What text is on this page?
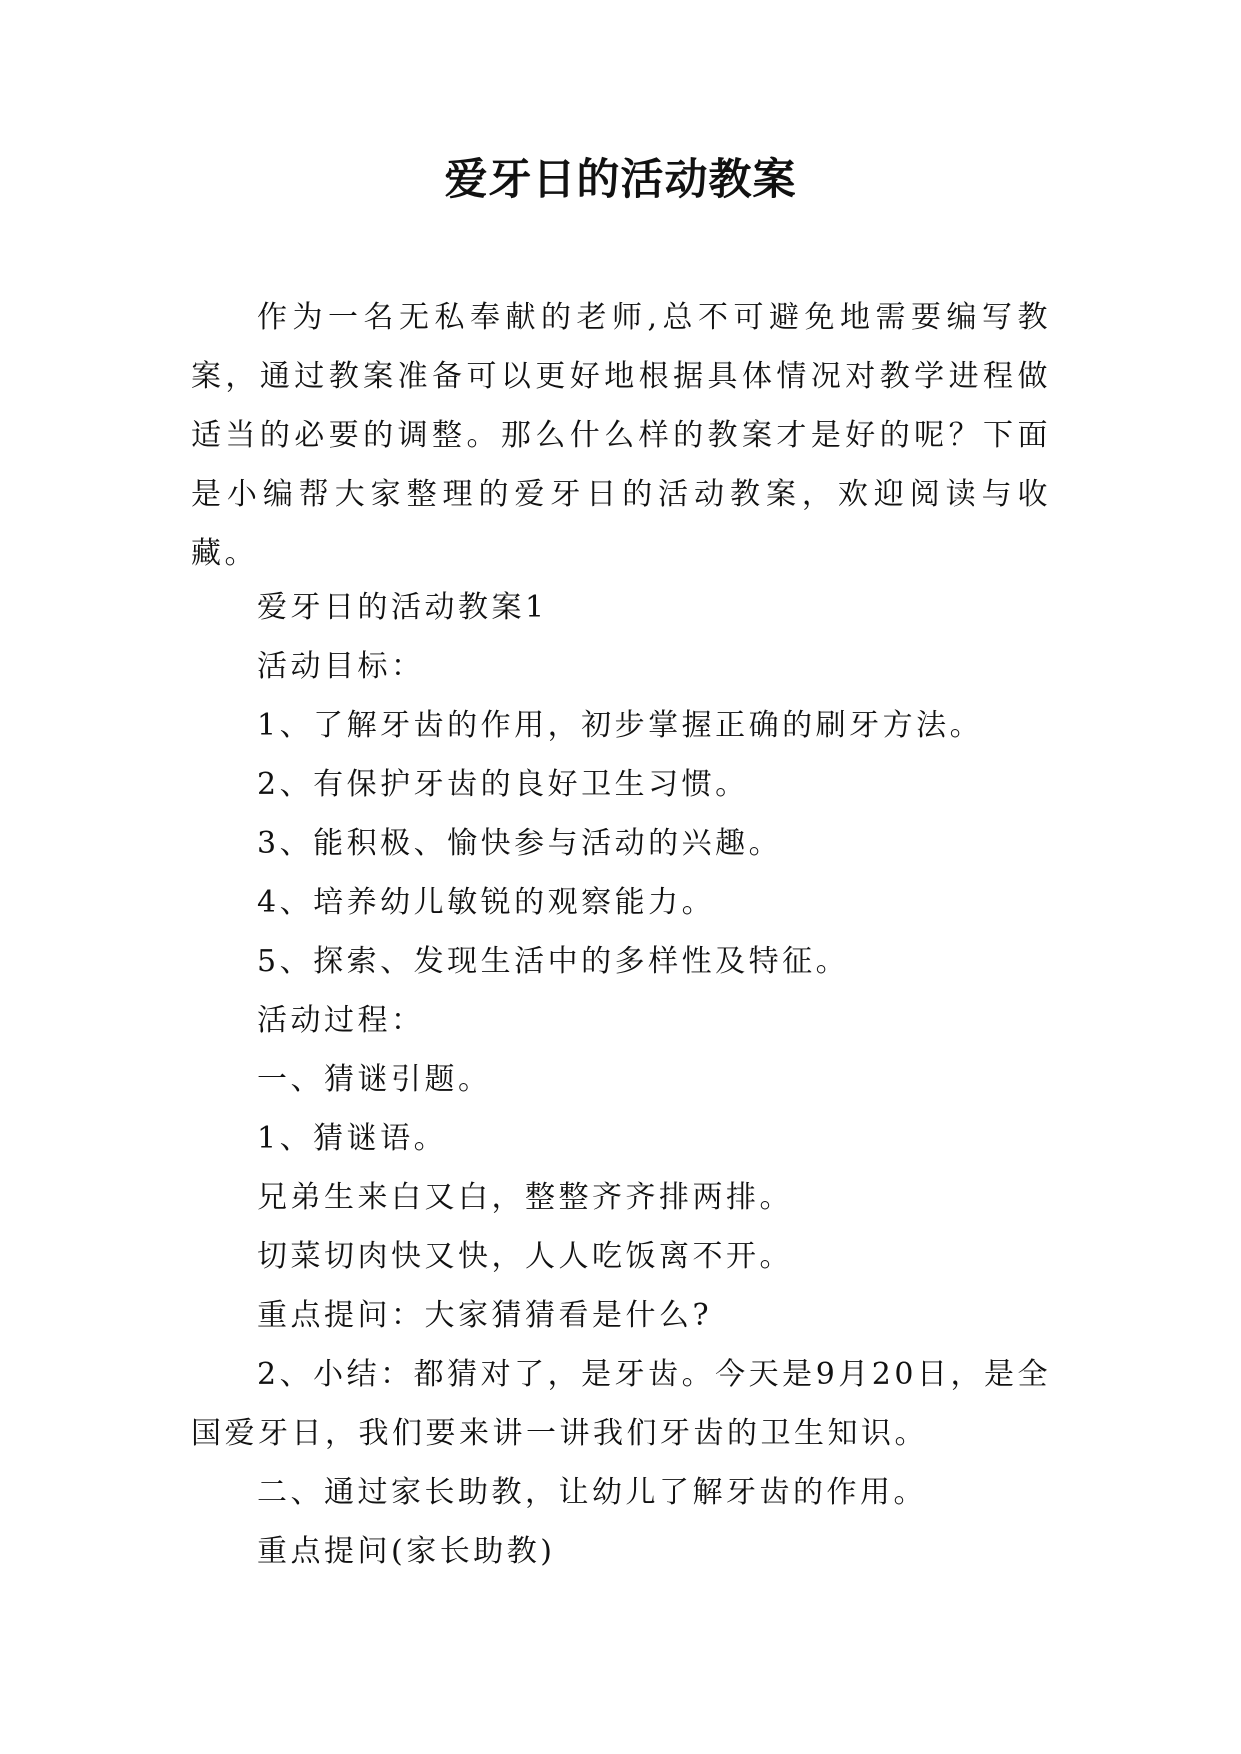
爱牙日的活动教案

作为一名无私奉献的老师,总不可避免地需要编写教案，通过教案准备可以更好地根据具体情况对教学进程做适当的必要的调整。那么什么样的教案才是好的呢？下面是小编帮大家整理的爱牙日的活动教案，欢迎阅读与收藏。

爱牙日的活动教案1

活动目标：

1、了解牙齿的作用，初步掌握正确的刷牙方法。

2、有保护牙齿的良好卫生习惯。

3、能积极、愉快参与活动的兴趣。

4、培养幼儿敏锐的观察能力。

5、探索、发现生活中的多样性及特征。

活动过程：

一、猜谜引题。

1、猜谜语。

兄弟生来白又白，整整齐齐排两排。

切菜切肉快又快，人人吃饭离不开。

重点提问：大家猜猜看是什么?

2、小结：都猜对了，是牙齿。今天是9月20日，是全国爱牙日，我们要来讲一讲我们牙齿的卫生知识。

二、通过家长助教，让幼儿了解牙齿的作用。

重点提问(家长助教)
